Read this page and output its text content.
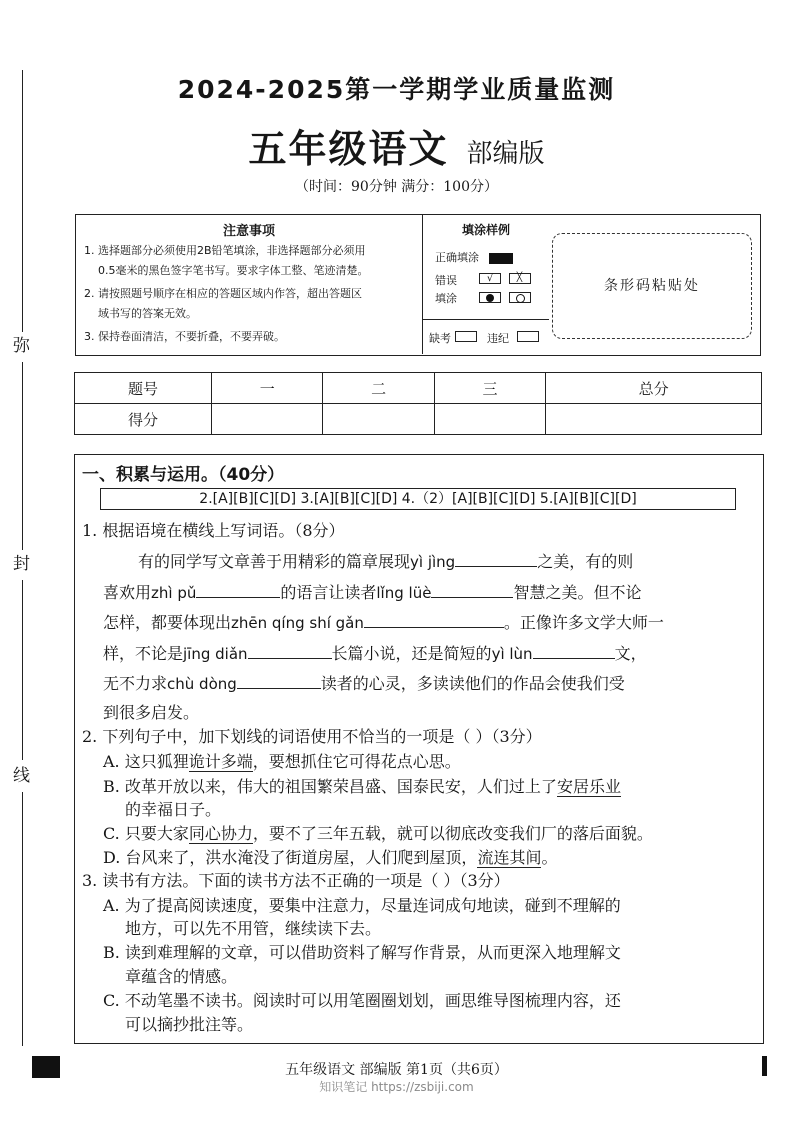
弥
封
线
2024-2025第一学期学业质量监测
五年级语文 部编版
（时间：90分钟 满分：100分）
注意事项
1. 选择题部分必须使用2B铅笔填涂，非选择题部分必须用
0.5毫米的黑色签字笔书写。要求字体工整、笔迹清楚。
2. 请按照题号顺序在相应的答题区域内作答，超出答题区
域书写的答案无效。
3. 保持卷面清洁，不要折叠，不要弄破。
填涂样例
正确填涂
错误
填涂
√	╳

缺考	违纪
条形码粘贴处
题号	一	二	三	总分
得分				
一、积累与运用。（40分）
2.[A][B][C][D] 3.[A][B][C][D] 4.（2）[A][B][C][D] 5.[A][B][C][D]
1. 根据语境在横线上写词语。（8分）
有的同学写文章善于用精彩的篇章展现yì jìng	之美，有的则
喜欢用zhì pǔ	的语言让读者lǐng lüè	智慧之美。但不论
怎样，都要体现出zhēn qíng shí gǎn	。正像许多文学大师一
样，不论是jīng diǎn	长篇小说，还是简短的yì lùn	文，
无不力求chù dòng	读者的心灵，多读读他们的作品会使我们受
到很多启发。
2. 下列句子中，加下划线的词语使用不恰当的一项是（ ）（3分）
A. 这只狐狸诡计多端，要想抓住它可得花点心思。
B. 改革开放以来，伟大的祖国繁荣昌盛、国泰民安，人们过上了安居乐业
的幸福日子。
C. 只要大家同心协力，要不了三年五载，就可以彻底改变我们厂的落后面貌。
D. 台风来了，洪水淹没了街道房屋，人们爬到屋顶，流连其间。
3. 读书有方法。下面的读书方法不正确的一项是（ ）（3分）
A. 为了提高阅读速度，要集中注意力，尽量连词成句地读，碰到不理解的
地方，可以先不用管，继续读下去。
B. 读到难理解的文章，可以借助资料了解写作背景，从而更深入地理解文
章蕴含的情感。
C. 不动笔墨不读书。阅读时可以用笔圈圈划划，画思维导图梳理内容，还
可以摘抄批注等。
五年级语文 部编版 第1页（共6页）
知识笔记 https://zsbiji.com
